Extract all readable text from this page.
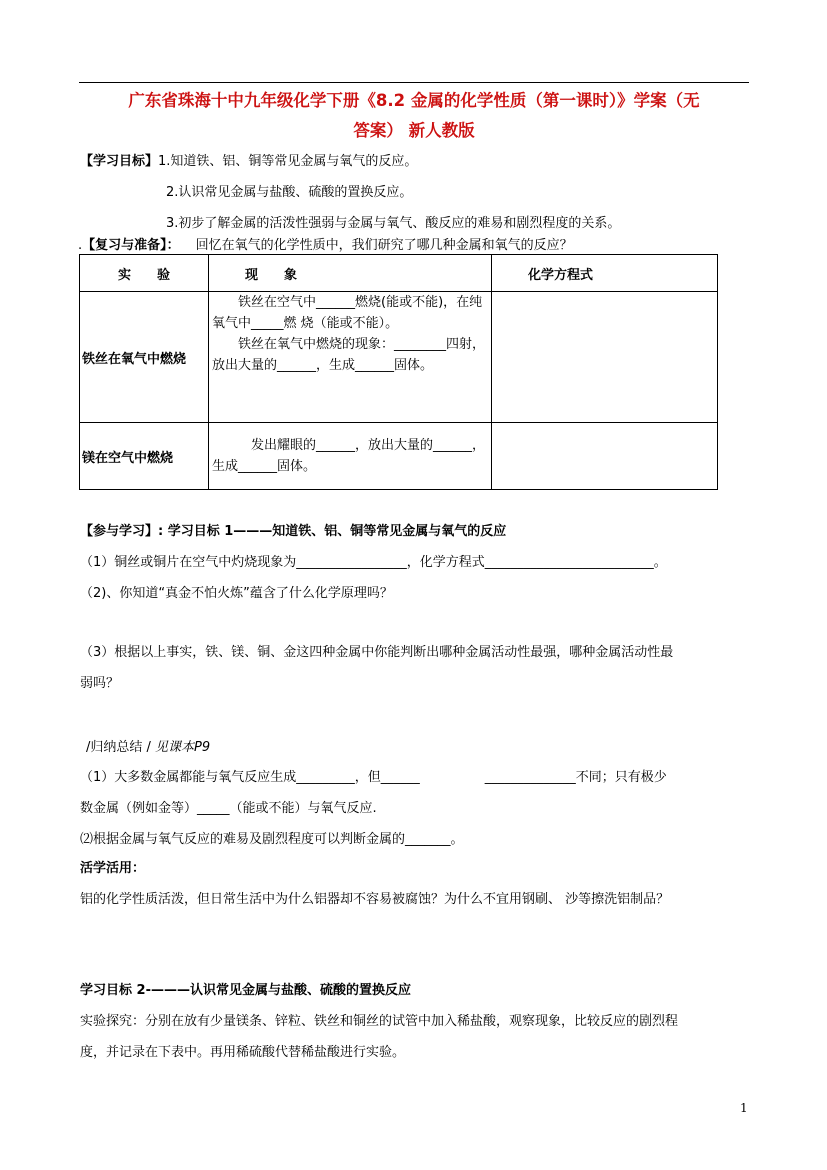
广东省珠海十中九年级化学下册《8.2 金属的化学性质（第一课时）》学案（无
答案） 新人教版
【学习目标】1.知道铁、铝、铜等常见金属与氧气的反应。
2.认识常见金属与盐酸、硫酸的置换反应。
3.初步了解金属的活泼性强弱与金属与氧气、酸反应的难易和剧烈程度的关系。
.【复习与准备】： 回忆在氧气的化学性质中，我们研究了哪几种金属和氧气的反应？
实　　验	现　　象	化学方程式
铁丝在氧气中燃烧	　　铁丝在空气中______燃烧(能或不能)，在纯氧气中_____燃 烧（能或不能）。
　　铁丝在氧气中燃烧的现象：________四射，放出大量的______，生成______固体。	

镁在空气中燃烧	　　　发出耀眼的______，放出大量的______，生成______固体。	

【参与学习】: 学习目标 1———知道铁、铝、铜等常见金属与氧气的反应
（1）铜丝或铜片在空气中灼烧现象为_________________，化学方程式__________________________。
（2)、你知道“真金不怕火炼”蕴含了什么化学原理吗？
（3）根据以上事实，铁、镁、铜、金这四种金属中你能判断出哪种金属活动性最强，哪种金属活动性最
弱吗？
/归纳总结 / 见课本P9
（1）大多数金属都能与氧气反应生成_________，但______　　　　　______________不同；只有极少
数金属（例如金等）_____（能或不能）与氧气反应.
⑵根据金属与氧气反应的难易及剧烈程度可以判断金属的_______。
活学活用：
铝的化学性质活泼，但日常生活中为什么铝器却不容易被腐蚀？为什么不宜用钢刷、 沙等擦洗铝制品？
学习目标 2-———认识常见金属与盐酸、硫酸的置换反应
实验探究：分别在放有少量镁条、锌粒、铁丝和铜丝的试管中加入稀盐酸，观察现象，比较反应的剧烈程
度，并记录在下表中。再用稀硫酸代替稀盐酸进行实验。
1
